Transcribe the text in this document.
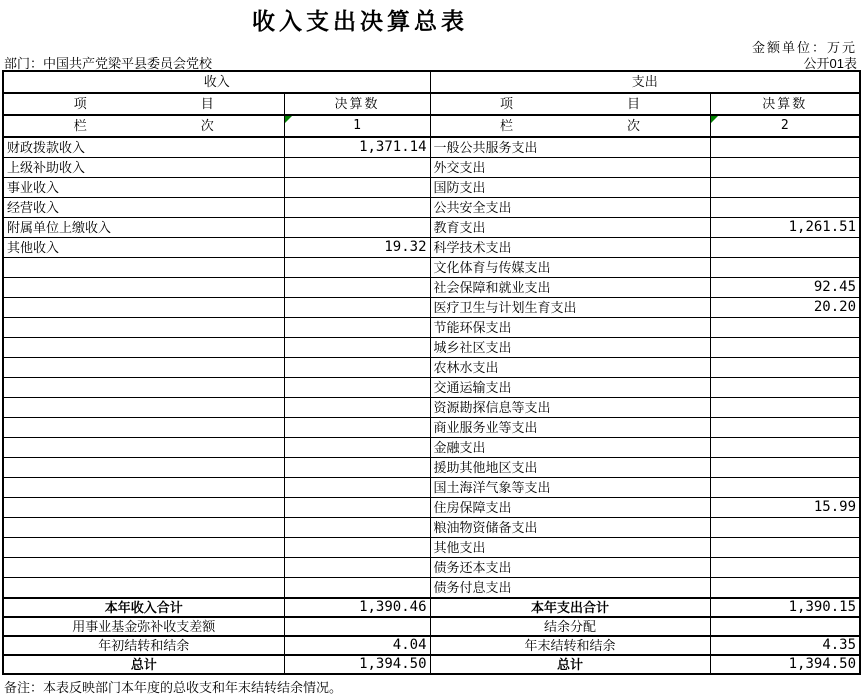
收入支出决算总表
金额单位：万元
部门：中国共产党梁平县委员会党校	公开01表
收入		支出	

项 目	决算数	项 目	决算数

栏 次	1	栏 次	2
财政拨款收入	1,371.14	一般公共服务支出	
上级补助收入		外交支出	
事业收入		国防支出	
经营收入		公共安全支出	
附属单位上缴收入		教育支出	1,261.51
其他收入	19.32	科学技术支出	
		文化体育与传媒支出	
		社会保障和就业支出	92.45
		医疗卫生与计划生育支出	20.20
		节能环保支出	
		城乡社区支出	
		农林水支出	
		交通运输支出	
		资源勘探信息等支出	
		商业服务业等支出	
		金融支出	
		援助其他地区支出	
		国土海洋气象等支出	
		住房保障支出	15.99
		粮油物资储备支出	
		其他支出	
		债务还本支出	
		债务付息支出	
本年收入合计	1,390.46	本年支出合计	1,390.15
用事业基金弥补收支差额		结余分配	
年初结转和结余	4.04	年末结转和结余	4.35
总计	1,394.50	总计	1,394.50
备注：本表反映部门本年度的总收支和年末结转结余情况。
